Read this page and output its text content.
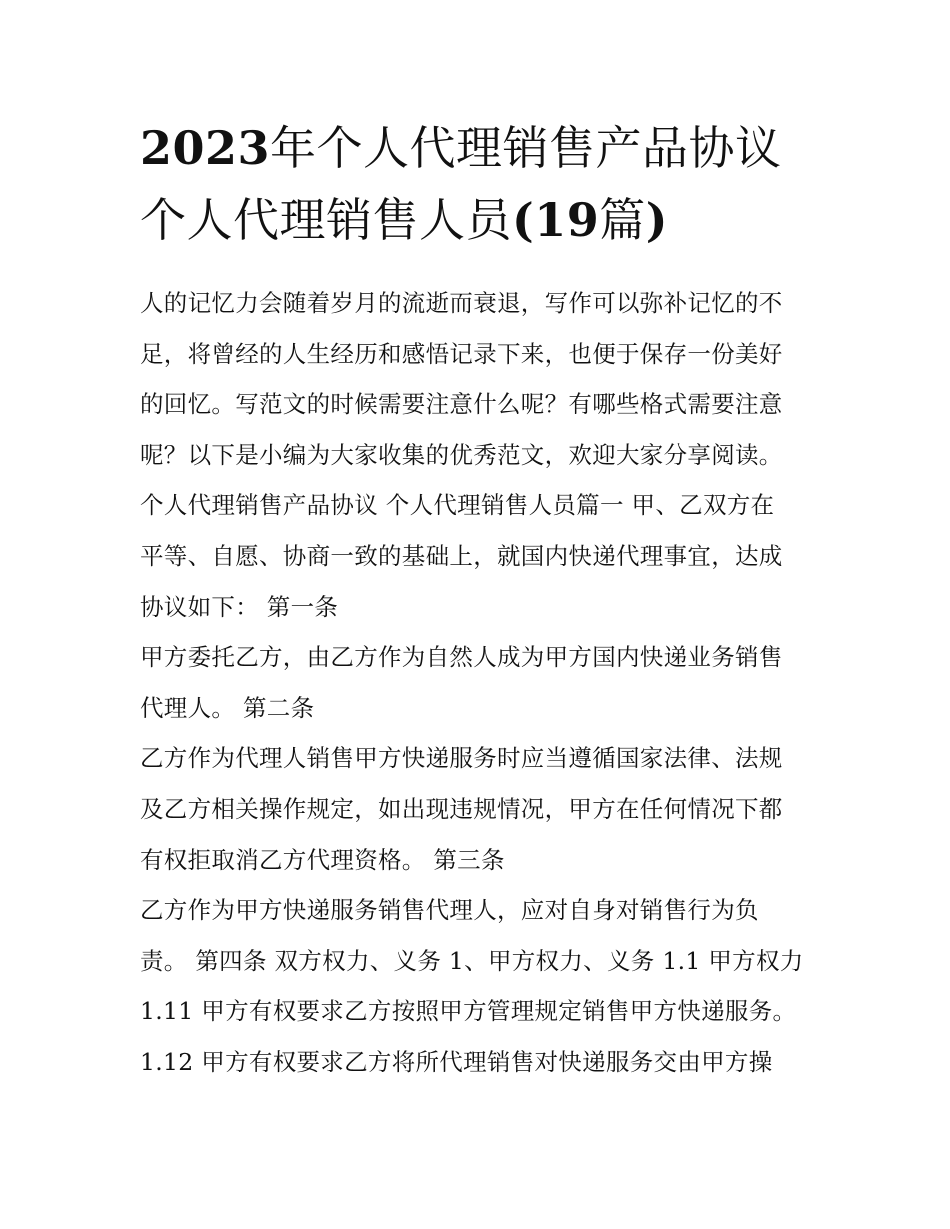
2023年个人代理销售产品协议
个人代理销售人员(19篇)
人的记忆力会随着岁月的流逝而衰退，写作可以弥补记忆的不
足，将曾经的人生经历和感悟记录下来，也便于保存一份美好
的回忆。写范文的时候需要注意什么呢？有哪些格式需要注意
呢？以下是小编为大家收集的优秀范文，欢迎大家分享阅读。
个人代理销售产品协议 个人代理销售人员篇一 甲、乙双方在
平等、自愿、协商一致的基础上，就国内快递代理事宜，达成
协议如下： 第一条
甲方委托乙方，由乙方作为自然人成为甲方国内快递业务销售
代理人。 第二条
乙方作为代理人销售甲方快递服务时应当遵循国家法律、法规
及乙方相关操作规定，如出现违规情况，甲方在任何情况下都
有权拒取消乙方代理资格。 第三条
乙方作为甲方快递服务销售代理人，应对自身对销售行为负
责。 第四条 双方权力、义务 1、甲方权力、义务 1.1 甲方权力
1.11 甲方有权要求乙方按照甲方管理规定销售甲方快递服务。
1.12 甲方有权要求乙方将所代理销售对快递服务交由甲方操
